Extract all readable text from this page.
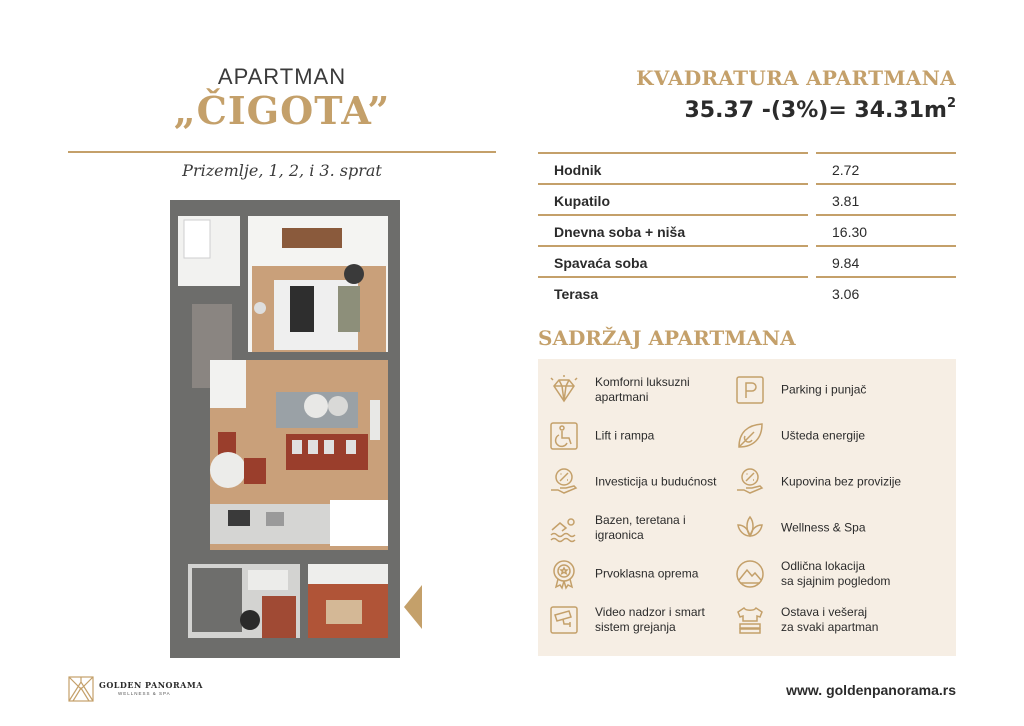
APARTMAN
„ČIGOTA”
Prizemlje, 1, 2, i 3. sprat
KVADRATURA APARTMANA
35.37 $-(3\%)= 34.31m^2$
Hodnik	2.72
Kupatilo	3.81
Dnevna soba + niša	16.30
Spavaća soba	9.84
Terasa	3.06
SADRŽAJ APARTMANA
Komforni luksuzni
apartmani
Parking i punjač
Lift i rampa	Ušteda energije
Investicija u budućnost	Kupovina bez provizije
Bazen, teretana i
igraonica
Wellness & Spa
Prvoklasna oprema
Odlična lokacija
sa sjajnim pogledom
Video nadzor i smart
sistem grejanja
Ostava i vešeraj
za svaki apartman
GOLDEN PANORAMA
WELLNESS & SPA	www. goldenpanorama.rs
